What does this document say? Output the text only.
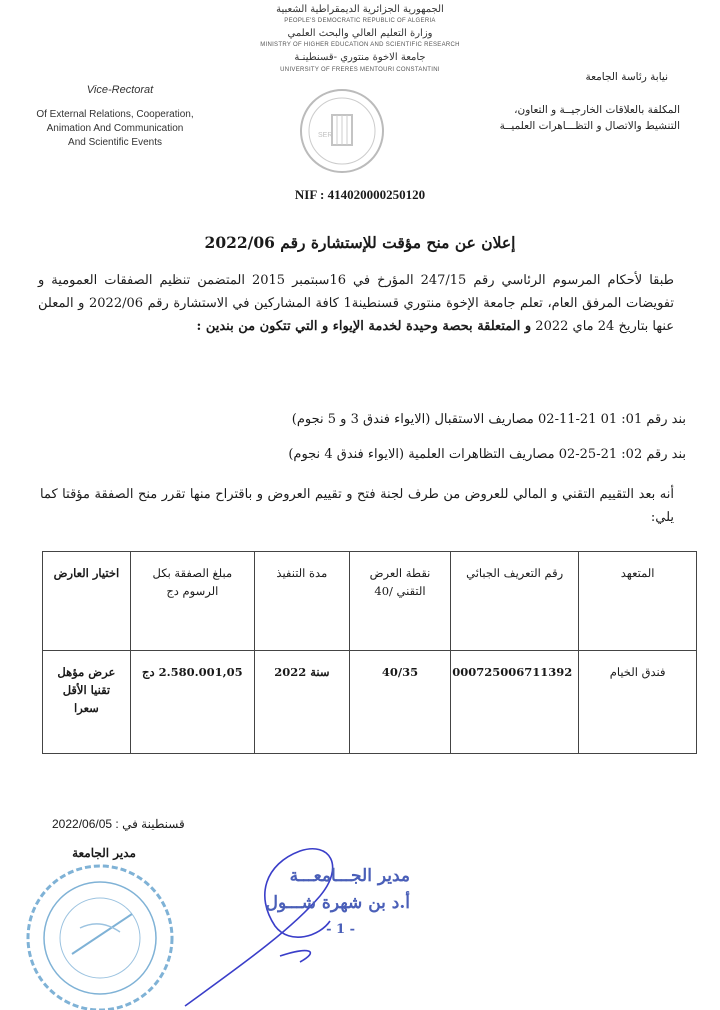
الجمهورية الجزائرية الديمقراطية الشعبية
PEOPLE'S DEMOCRATIC REPUBLIC OF ALGERIA
وزارة التعليم العالي والبحث العلمي
MINISTRY OF HIGHER EDUCATION AND SCIENTIFIC RESEARCH
جامعة الاخوة منتوري -قسنطينـة
UNIVERSITY OF FRERES MENTOURI CONSTANTINI
Vice-Rectorat
Of External Relations, Cooperation,
Animation And Communication
And Scientific Events
نيابة رئاسة الجامعة
المكلفة بالعلاقات الخارجيــة و التعاون،
التنشيط والاتصال و التظـــاهرات العلميــة
SER
NIF : 414020000250120
إعلان عن منح مؤقت للإستشارة رقم 2022/06
طبقا لأحكام المرسوم الرئاسي رقم 247/15 المؤرخ في 16سبتمبر 2015 المتضمن تنظيم الصفقات العمومية و تفويضات المرفق العام، تعلم جامعة الإخوة منتوري قسنطينة1 كافة المشاركين في الاستشارة رقم 2022/06 و المعلن عنها بتاريخ 24 ماي 2022 و المتعلقة بحصة وحيدة لخدمة الإيواء و التي تتكون من بندين :
بند رقم 01: 01 21-11-02 مصاريف الاستقبال (الايواء فندق 3 و 5 نجوم)
بند رقم 02: 21-25-02 مصاريف التظاهرات العلمية (الايواء فندق 4 نجوم)
أنه بعد التقييم التقني و المالي للعروض من طرف لجنة فتح و تقييم العروض و باقتراح منها تقرر منح الصفقة مؤقتا كما يلي:
المتعهد	رقم التعريف الجبائي	نقطة العرض التقني /40	مدة التنفيذ	مبلغ الصفقة بكل الرسوم دج	اختيار العارض
فندق الخيام	000725006711392	40/35	سنة 2022	2.580.001,05 دج	عرض مؤهل تقنيا الأقل سعرا
قسنطينة في : 2022/06/05
مدير الجامعة
مدير الجـــامعـــة
أ.د بن شهرة شـــول
- 1 -
